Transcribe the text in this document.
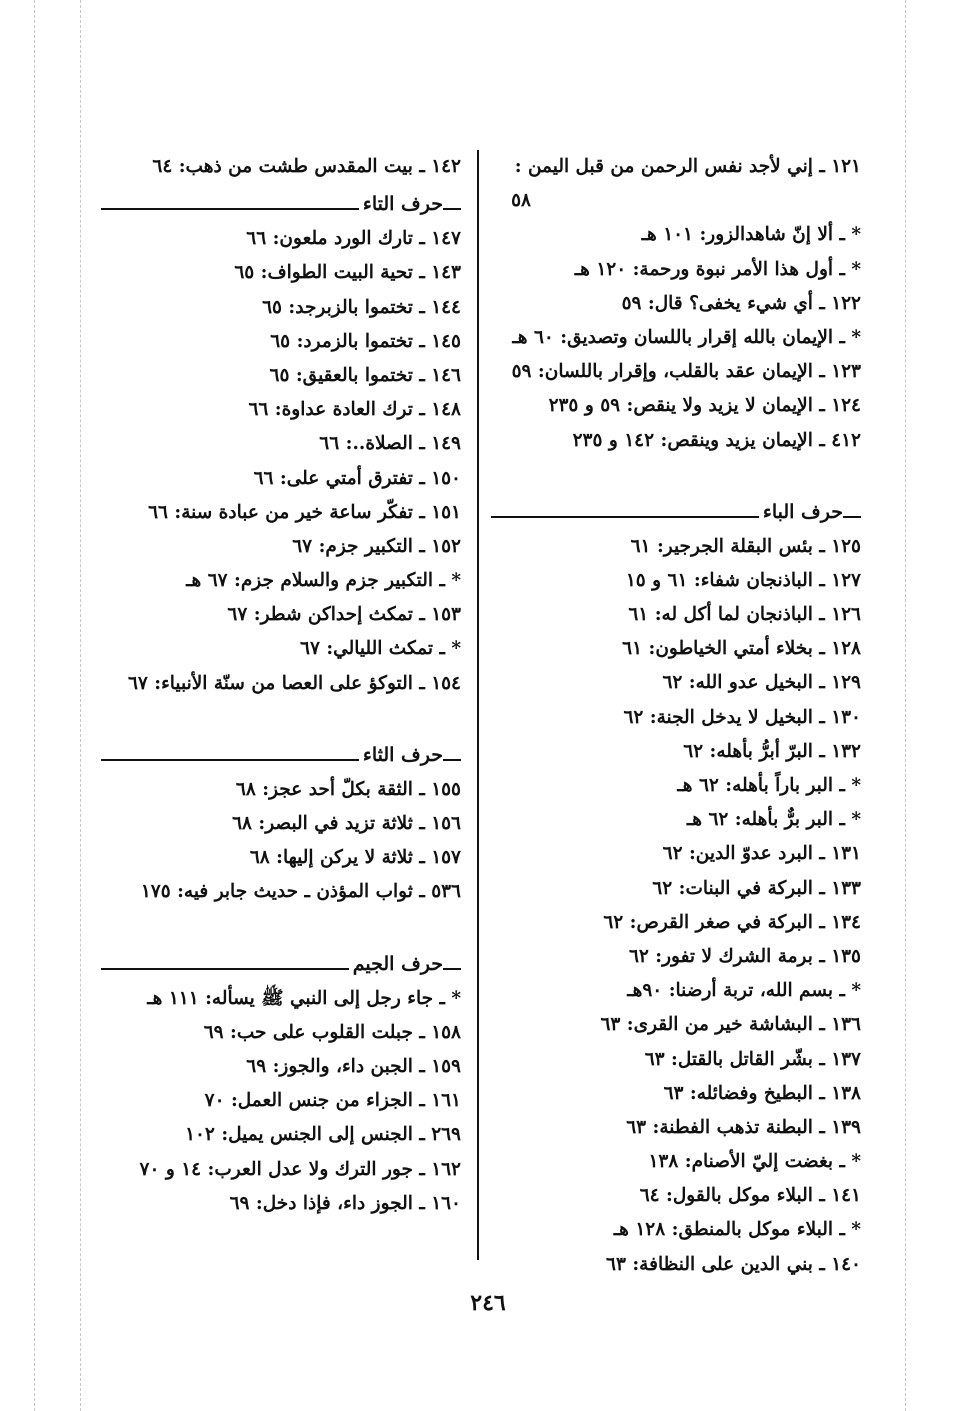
١٢١ ـ إني لأجد نفس الرحمن من قبل اليمن :
٥٨
* ـ ألا إنّ شاهدالزور: ١٠١ هـ
* ـ أول هذا الأمر نبوة ورحمة: ١٢٠ هـ
١٢٢ ـ أي شيء يخفى؟ قال: ٥٩
* ـ الإيمان بالله إقرار باللسان وتصديق: ٦٠ هـ
١٢٣ ـ الإيمان عقد بالقلب، وإقرار باللسان: ٥٩
١٢٤ ـ الإيمان لا يزيد ولا ينقص: ٥٩ و ٢٣٥
٤١٢ ـ الإيمان يزيد وينقص: ١٤٢ و ٢٣٥
حرف الباء
١٢٥ ـ بئس البقلة الجرجير: ٦١
١٢٧ ـ الباذنجان شفاء: ٦١ و ١٥
١٢٦ ـ الباذنجان لما أكل له: ٦١
١٢٨ ـ بخلاء أمتي الخياطون: ٦١
١٢٩ ـ البخيل عدو الله: ٦٢
١٣٠ ـ البخيل لا يدخل الجنة: ٦٢
١٣٢ ـ البرّ أبرُّ بأهله: ٦٢
* ـ البر باراً بأهله: ٦٢ هـ
* ـ البر برٌّ بأهله: ٦٢ هـ
١٣١ ـ البرد عدوّ الدين: ٦٢
١٣٣ ـ البركة في البنات: ٦٢
١٣٤ ـ البركة في صغر القرص: ٦٢
١٣٥ ـ برمة الشرك لا تفور: ٦٢
* ـ بسم الله، تربة أرضنا: ٩٠هـ
١٣٦ ـ البشاشة خير من القرى: ٦٣
١٣٧ ـ بشّر القاتل بالقتل: ٦٣
١٣٨ ـ البطيخ وفضائله: ٦٣
١٣٩ ـ البطنة تذهب الفطنة: ٦٣
* ـ بغضت إليّ الأصنام: ١٣٨
١٤١ ـ البلاء موكل بالقول: ٦٤
* ـ البلاء موكل بالمنطق: ١٢٨ هـ
١٤٠ ـ بني الدين على النظافة: ٦٣
١٤٢ ـ بيت المقدس طشت من ذهب: ٦٤
حرف التاء
١٤٧ ـ تارك الورد ملعون: ٦٦
١٤٣ ـ تحية البيت الطواف: ٦٥
١٤٤ ـ تختموا بالزبرجد: ٦٥
١٤٥ ـ تختموا بالزمرد: ٦٥
١٤٦ ـ تختموا بالعقيق: ٦٥
١٤٨ ـ ترك العادة عداوة: ٦٦
١٤٩ ـ الصلاة..: ٦٦
١٥٠ ـ تفترق أمتي على: ٦٦
١٥١ ـ تفكّر ساعة خير من عبادة سنة: ٦٦
١٥٢ ـ التكبير جزم: ٦٧
* ـ التكبير جزم والسلام جزم: ٦٧ هـ
١٥٣ ـ تمكث إحداكن شطر: ٦٧
* ـ تمكث الليالي: ٦٧
١٥٤ ـ التوكؤ على العصا من سنّة الأنبياء: ٦٧
حرف الثاء
١٥٥ ـ الثقة بكلّ أحد عجز: ٦٨
١٥٦ ـ ثلاثة تزيد في البصر: ٦٨
١٥٧ ـ ثلاثة لا يركن إليها: ٦٨
٥٣٦ ـ ثواب المؤذن ـ حديث جابر فيه: ١٧٥
حرف الجيم
* ـ جاء رجل إلى النبي ﷺ يسأله: ١١١ هـ
١٥٨ ـ جبلت القلوب على حب: ٦٩
١٥٩ ـ الجبن داء، والجوز: ٦٩
١٦١ ـ الجزاء من جنس العمل: ٧٠
٢٦٩ ـ الجنس إلى الجنس يميل: ١٠٢
١٦٢ ـ جور الترك ولا عدل العرب: ١٤ و ٧٠
١٦٠ ـ الجوز داء، فإذا دخل: ٦٩
٢٤٦
